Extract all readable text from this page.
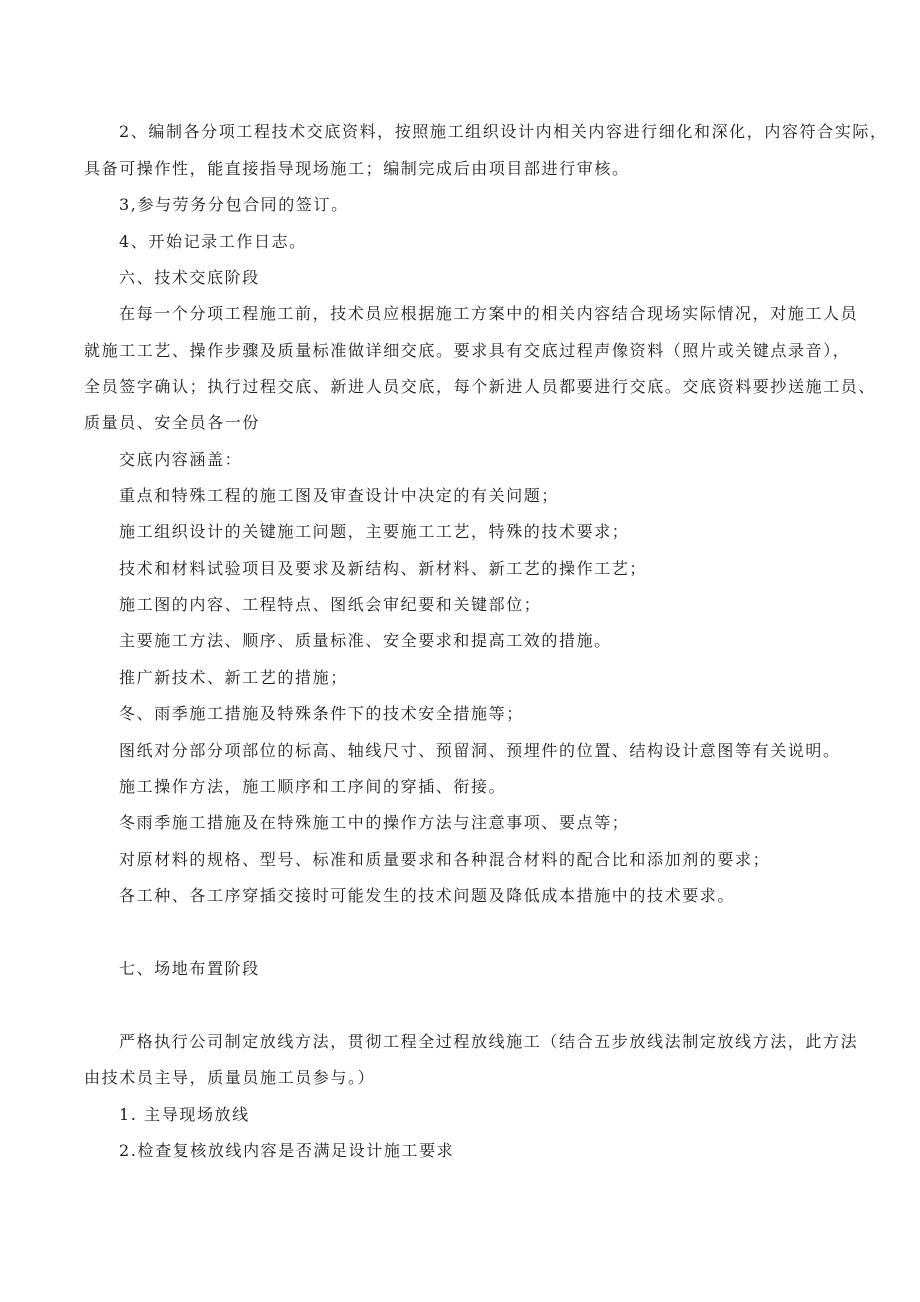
2、编制各分项工程技术交底资料，按照施工组织设计内相关内容进行细化和深化，内容符合实际，
具备可操作性，能直接指导现场施工；编制完成后由项目部进行审核。
3,参与劳务分包合同的签订。
4、开始记录工作日志。
六、技术交底阶段
在每一个分项工程施工前，技术员应根据施工方案中的相关内容结合现场实际情况，对施工人员
就施工工艺、操作步骤及质量标准做详细交底。要求具有交底过程声像资料（照片或关键点录音），
全员签字确认；执行过程交底、新进人员交底，每个新进人员都要进行交底。交底资料要抄送施工员、
质量员、安全员各一份
交底内容涵盖：
重点和特殊工程的施工图及审查设计中决定的有关问题；
施工组织设计的关键施工问题，主要施工工艺，特殊的技术要求；
技术和材料试验项目及要求及新结构、新材料、新工艺的操作工艺；
施工图的内容、工程特点、图纸会审纪要和关键部位；
主要施工方法、顺序、质量标准、安全要求和提高工效的措施。
推广新技术、新工艺的措施；
冬、雨季施工措施及特殊条件下的技术安全措施等；
图纸对分部分项部位的标高、轴线尺寸、预留洞、预埋件的位置、结构设计意图等有关说明。
施工操作方法，施工顺序和工序间的穿插、衔接。
冬雨季施工措施及在特殊施工中的操作方法与注意事项、要点等；
对原材料的规格、型号、标准和质量要求和各种混合材料的配合比和添加剂的要求；
各工种、各工序穿插交接时可能发生的技术问题及降低成本措施中的技术要求。
七、场地布置阶段
严格执行公司制定放线方法，贯彻工程全过程放线施工（结合五步放线法制定放线方法，此方法
由技术员主导，质量员施工员参与。）
1. 主导现场放线
2.检查复核放线内容是否满足设计施工要求
